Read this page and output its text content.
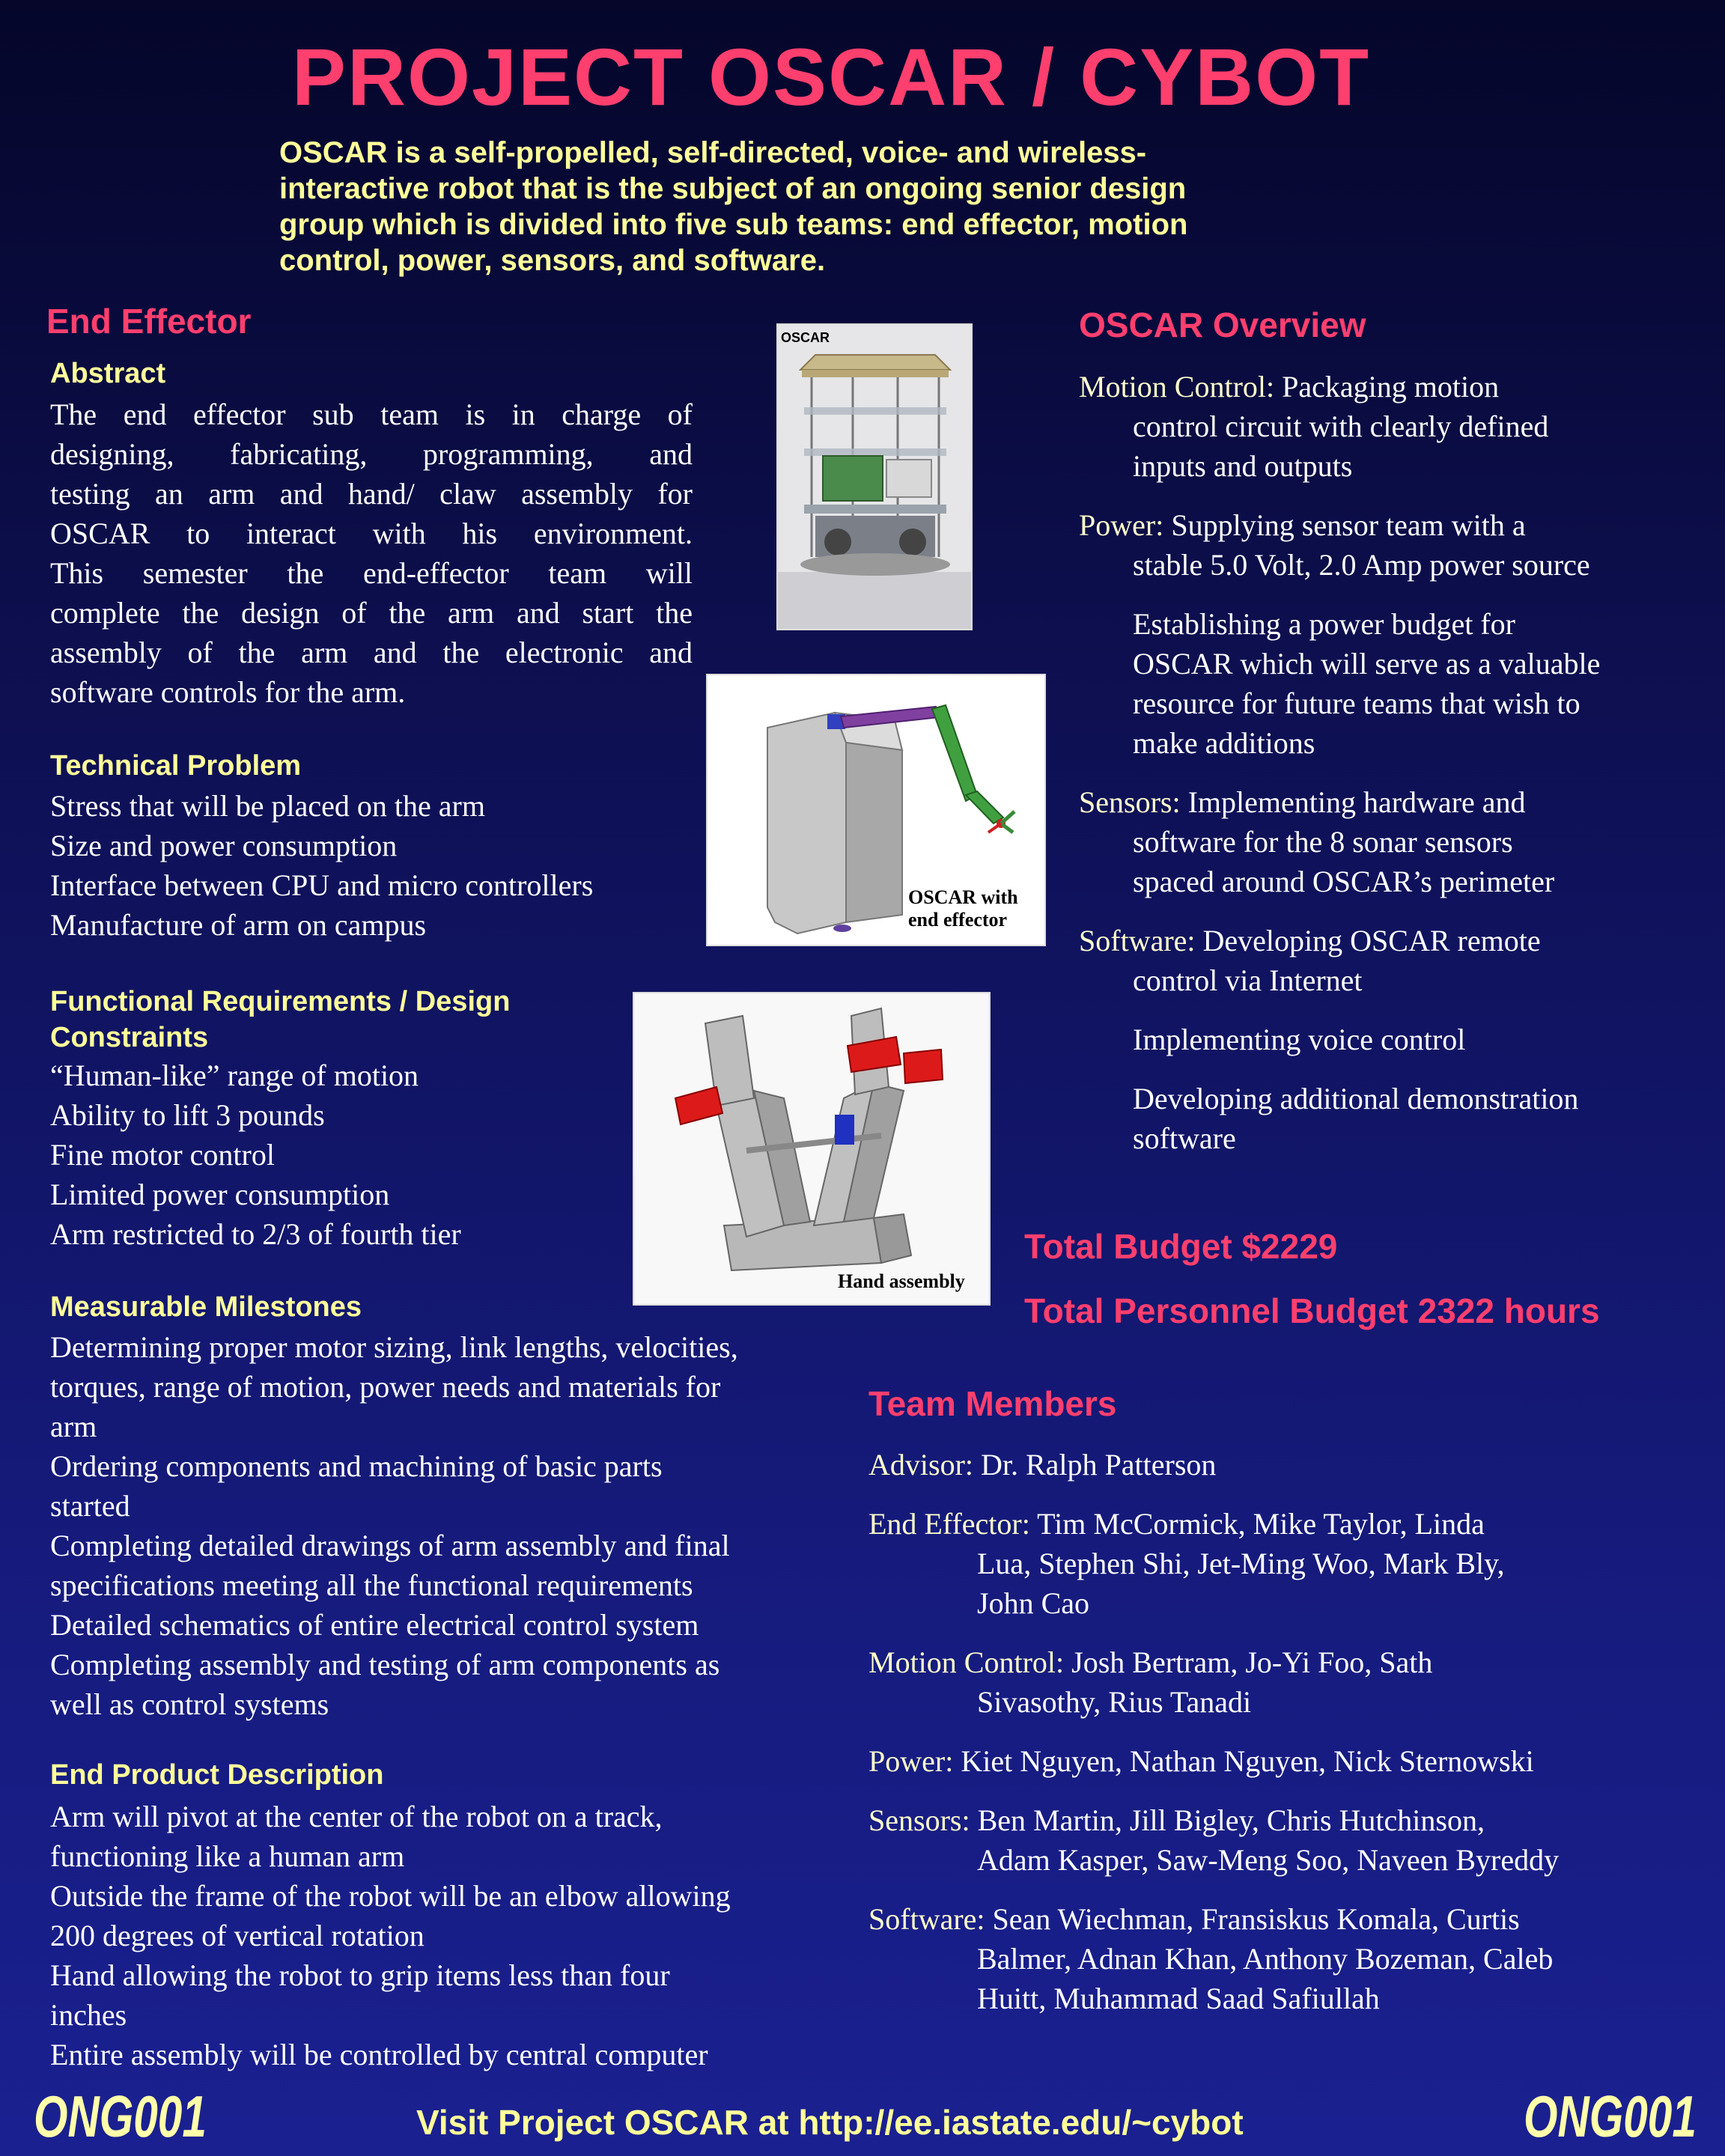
PROJECT OSCAR / CYBOT
OSCAR is a self-propelled, self-directed, voice- and wireless-
interactive robot that is the subject of an ongoing senior design
group which is divided into five sub teams: end effector, motion
control, power, sensors, and software.
End Effector
Abstract
The end effector sub team is in charge of
designing, fabricating, programming, and
testing an arm and hand/ claw assembly for
OSCAR to interact with his environment.
This semester the end-effector team will
complete the design of the arm and start the
assembly of the arm and the electronic and
software controls for the arm.
Technical Problem
Stress that will be placed on the arm
Size and power consumption
Interface between CPU and micro controllers
Manufacture of arm on campus
Functional Requirements / Design
Constraints
“Human-like” range of motion
Ability to lift 3 pounds
Fine motor control
Limited power consumption
Arm restricted to 2/3 of fourth tier
Measurable Milestones
Determining proper motor sizing, link lengths, velocities,
torques, range of motion, power needs and materials for
arm
Ordering components and machining of basic parts
started
Completing detailed drawings of arm assembly and final
specifications meeting all the functional requirements
Detailed schematics of entire electrical control system
Completing assembly and testing of arm components as
well as control systems
End Product Description
Arm will pivot at the center of the robot on a track,
functioning like a human arm
Outside the frame of the robot will be an elbow allowing
200 degrees of vertical rotation
Hand allowing the robot to grip items less than four
inches
Entire assembly will be controlled by central computer
OSCAR
OSCAR with
end effector
Hand assembly
OSCAR Overview

Motion Control: Packaging motion
control circuit with clearly defined
inputs and outputs

Power: Supplying sensor team with a
stable 5.0 Volt, 2.0 Amp power source

Establishing a power budget for
OSCAR which will serve as a valuable
resource for future teams that wish to
make additions

Sensors: Implementing hardware and
software for the 8 sonar sensors
spaced around OSCAR’s perimeter

Software: Developing OSCAR remote
control via Internet

Implementing voice control

Developing additional demonstration
software

Total Budget $2229
Total Personnel Budget 2322 hours
Team Members

Advisor: Dr. Ralph Patterson

End Effector: Tim McCormick, Mike Taylor, Linda
Lua, Stephen Shi, Jet-Ming Woo, Mark Bly,
John Cao

Motion Control: Josh Bertram, Jo-Yi Foo, Sath
Sivasothy, Rius Tanadi

Power: Kiet Nguyen, Nathan Nguyen, Nick Sternowski

Sensors: Ben Martin, Jill Bigley, Chris Hutchinson,
Adam Kasper, Saw-Meng Soo, Naveen Byreddy

Software: Sean Wiechman, Fransiskus Komala, Curtis
Balmer, Adnan Khan, Anthony Bozeman, Caleb
Huitt, Muhammad Saad Safiullah

ONG001	Visit Project OSCAR at http://ee.iastate.edu/~cybot	ONG001
